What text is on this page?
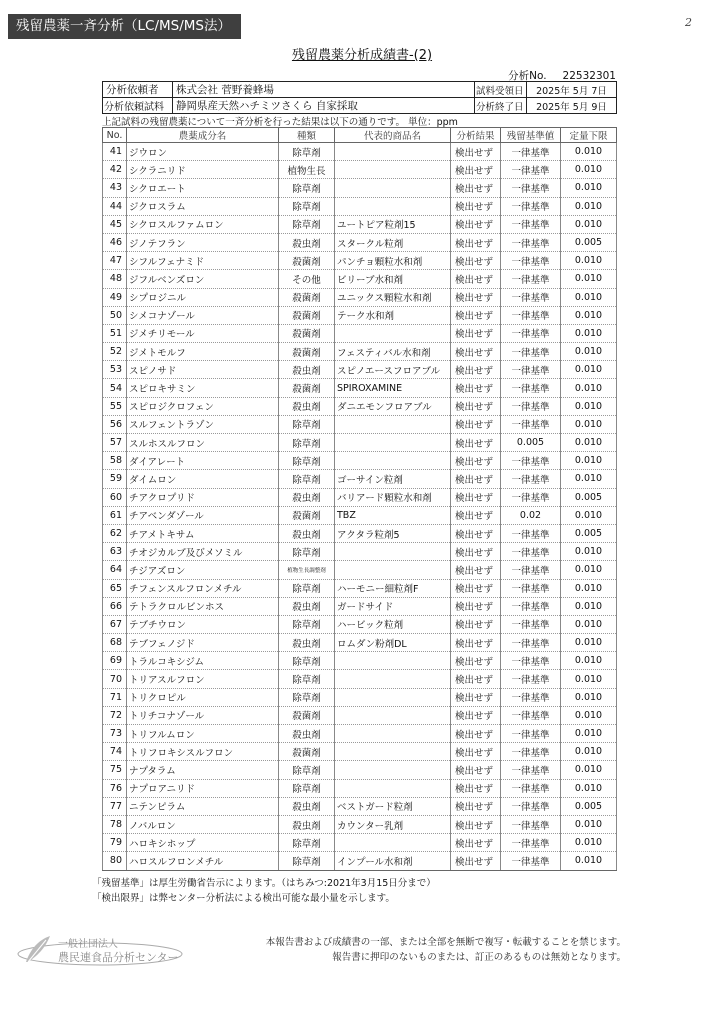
残留農薬一斉分析（LC/MS/MS法）	2
残留農薬分析成績書-(2)
分析No. 22532301
分析依頼者	株式会社 菅野養蜂場	試料受領日	2025年 5月 7日
分析依頼試料	静岡県産天然ハチミツさくら 自家採取	分析終了日	2025年 5月 9日
上記試料の残留農薬について一斉分析を行った結果は以下の通りです。 単位：ppm
No.	農薬成分名	種類	代表的商品名	分析結果	残留基準値	定量下限
41	ジウロン	除草剤		検出せず	一律基準	0.010
42	シクラニリド	植物生長		検出せず	一律基準	0.010
43	シクロエート	除草剤		検出せず	一律基準	0.010
44	ジクロスラム	除草剤		検出せず	一律基準	0.010
45	シクロスルファムロン	除草剤	ユートピア粒剤15	検出せず	一律基準	0.010
46	ジノテフラン	殺虫剤	スタークル粒剤	検出せず	一律基準	0.005
47	シフルフェナミド	殺菌剤	パンチョ顆粒水和剤	検出せず	一律基準	0.010
48	ジフルベンズロン	その他	ビリーブ水和剤	検出せず	一律基準	0.010
49	シプロジニル	殺菌剤	ユニックス顆粒水和剤	検出せず	一律基準	0.010
50	シメコナゾール	殺菌剤	テーク水和剤	検出せず	一律基準	0.010
51	ジメチリモール	殺菌剤		検出せず	一律基準	0.010
52	ジメトモルフ	殺菌剤	フェスティバル水和剤	検出せず	一律基準	0.010
53	スピノサド	殺虫剤	スピノエースフロアブル	検出せず	一律基準	0.010
54	スピロキサミン	殺菌剤	SPIROXAMINE	検出せず	一律基準	0.010
55	スピロジクロフェン	殺虫剤	ダニエモンフロアブル	検出せず	一律基準	0.010
56	スルフェントラゾン	除草剤		検出せず	一律基準	0.010
57	スルホスルフロン	除草剤		検出せず	0.005	0.010
58	ダイアレート	除草剤		検出せず	一律基準	0.010
59	ダイムロン	除草剤	ゴーサイン粒剤	検出せず	一律基準	0.010
60	チアクロプリド	殺虫剤	バリアード顆粒水和剤	検出せず	一律基準	0.005
61	チアベンダゾール	殺菌剤	TBZ	検出せず	0.02	0.010
62	チアメトキサム	殺虫剤	アクタラ粒剤5	検出せず	一律基準	0.005
63	チオジカルブ及びメソミル	除草剤		検出せず	一律基準	0.010
64	チジアズロン	植物生長調整剤		検出せず	一律基準	0.010
65	チフェンスルフロンメチル	除草剤	ハーモニー細粒剤F	検出せず	一律基準	0.010
66	テトラクロルビンホス	殺虫剤	ガードサイド	検出せず	一律基準	0.010
67	テブチウロン	除草剤	ハービック粒剤	検出せず	一律基準	0.010
68	テブフェノジド	殺虫剤	ロムダン粉剤DL	検出せず	一律基準	0.010
69	トラルコキシジム	除草剤		検出せず	一律基準	0.010
70	トリアスルフロン	除草剤		検出せず	一律基準	0.010
71	トリクロピル	除草剤		検出せず	一律基準	0.010
72	トリチコナゾール	殺菌剤		検出せず	一律基準	0.010
73	トリフルムロン	殺虫剤		検出せず	一律基準	0.010
74	トリフロキシスルフロン	殺菌剤		検出せず	一律基準	0.010
75	ナプタラム	除草剤		検出せず	一律基準	0.010
76	ナプロアニリド	除草剤		検出せず	一律基準	0.010
77	ニテンピラム	殺虫剤	ベストガード粒剤	検出せず	一律基準	0.005
78	ノバルロン	殺虫剤	カウンター乳剤	検出せず	一律基準	0.010
79	ハロキシホップ	除草剤		検出せず	一律基準	0.010
80	ハロスルフロンメチル	除草剤	インプール水和剤	検出せず	一律基準	0.010
「残留基準」は厚生労働省告示によります。（はちみつ:2021年3月15日分まで）
「検出限界」は弊センター分析法による検出可能な最小量を示します。
一般社団法人
農民連食品分析センター
本報告書および成績書の一部、または全部を無断で複写・転載することを禁じます。
報告書に押印のないものまたは、訂正のあるものは無効となります。
